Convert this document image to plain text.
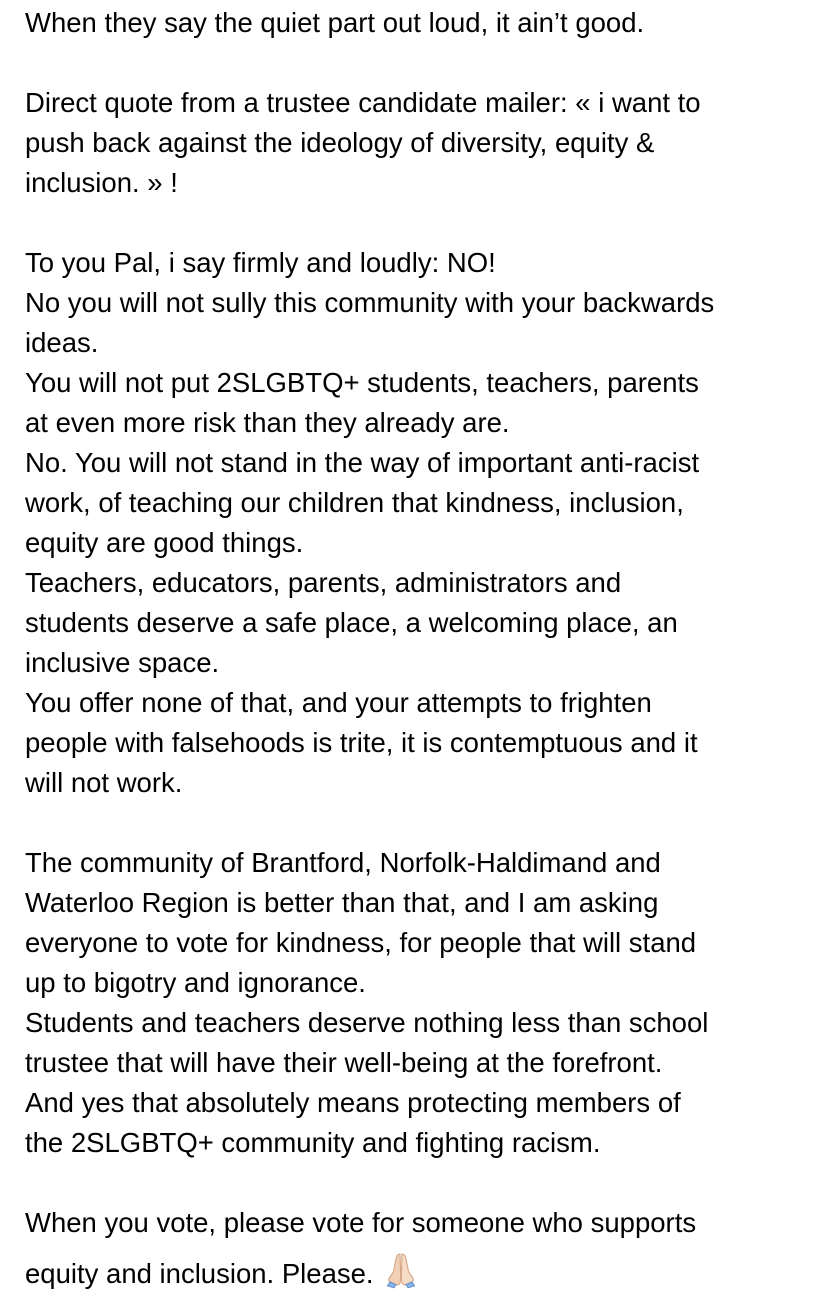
When they say the quiet part out loud, it ain’t good.

Direct quote from a trustee candidate mailer: « i want to

push back against the ideology of diversity, equity &

inclusion. » !

To you Pal, i say firmly and loudly: NO!

No you will not sully this community with your backwards

ideas.

You will not put 2SLGBTQ+ students, teachers, parents

at even more risk than they already are.

No. You will not stand in the way of important anti-racist

work, of teaching our children that kindness, inclusion,

equity are good things.

Teachers, educators, parents, administrators and

students deserve a safe place, a welcoming place, an

inclusive space.

You offer none of that, and your attempts to frighten

people with falsehoods is trite, it is contemptuous and it

will not work.

The community of Brantford, Norfolk-Haldimand and

Waterloo Region is better than that, and I am asking

everyone to vote for kindness, for people that will stand

up to bigotry and ignorance.

Students and teachers deserve nothing less than school

trustee that will have their well-being at the forefront.

And yes that absolutely means protecting members of

the 2SLGBTQ+ community and fighting racism.

When you vote, please vote for someone who supports

equity and inclusion. Please.
